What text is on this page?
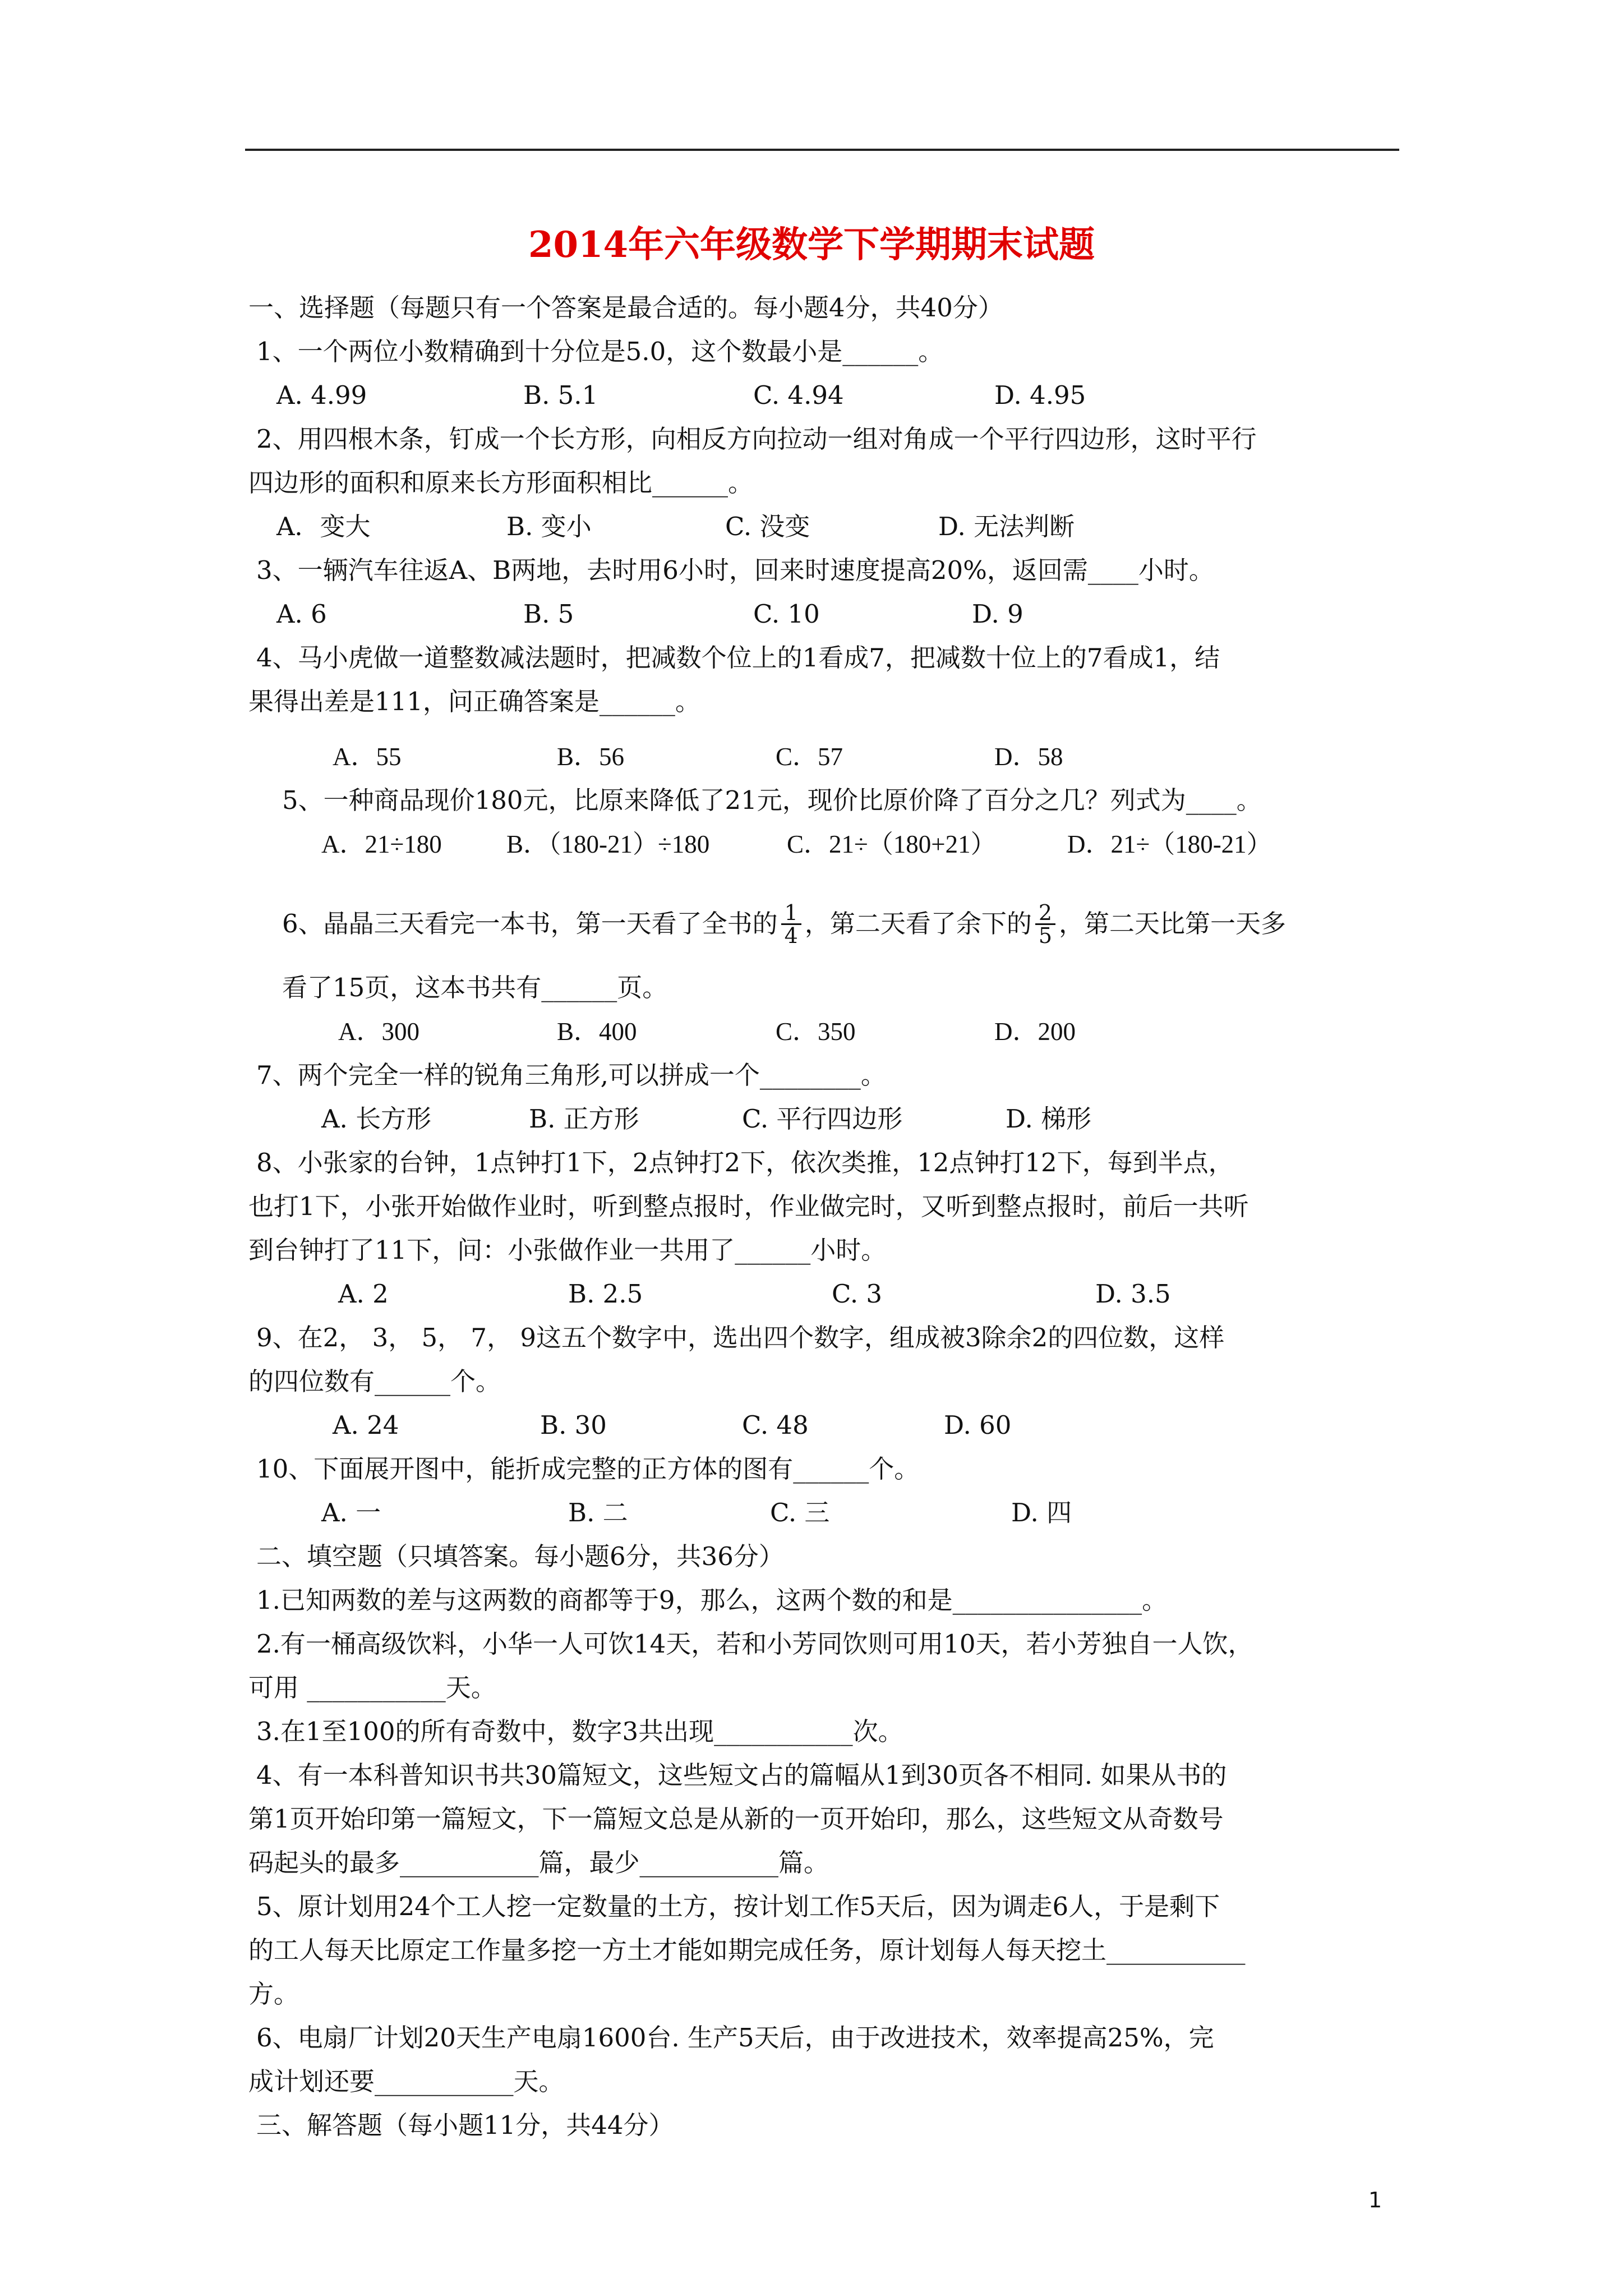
2014年六年级数学下学期期末试题
一、选择题（每题只有一个答案是最合适的。每小题4分，共40分）
1、一个两位小数精确到十分位是5.0，这个数最小是______。
A. 4.99	B. 5.1	C. 4.94	D. 4.95
2、用四根木条，钉成一个长方形，向相反方向拉动一组对角成一个平行四边形，这时平行
四边形的面积和原来长方形面积相比______。
A．变大	B. 变小	C. 没变	D. 无法判断
3、一辆汽车往返A、B两地，去时用6小时，回来时速度提高20%，返回需____小时。
A. 6	B. 5	C. 10	D. 9
4、马小虎做一道整数减法题时，把减数个位上的1看成7，把减数十位上的7看成1，结
果得出差是111，问正确答案是______。
A．55	B．56	C．57	D．58
5、一种商品现价180元，比原来降低了21元，现价比原价降了百分之几？列式为____。
A．21÷180	B．（180-21）÷180	C．21÷（180+21）	D．21÷（180-21）
6、晶晶三天看完一本书，第一天看了全书的 $\frac{1}{4}$ ，第二天看了余下的 $\frac{2}{5}$ ，第二天比第一天多
看了15页，这本书共有______页。
A．300	B．400	C．350	D．200
7、两个完全一样的锐角三角形,可以拼成一个________。
A. 长方形	B. 正方形	C. 平行四边形	D. 梯形
8、小张家的台钟，1点钟打1下，2点钟打2下，依次类推，12点钟打12下，每到半点，
也打1下，小张开始做作业时，听到整点报时，作业做完时，又听到整点报时，前后一共听
到台钟打了11下，问：小张做作业一共用了______小时。
A. 2	B. 2.5	C. 3	D. 3.5
9、在2， 3， 5， 7， 9这五个数字中，选出四个数字，组成被3除余2的四位数，这样
的四位数有______个。
A. 24	B. 30	C. 48	D. 60
10、下面展开图中，能折成完整的正方体的图有______个。
A. 一	B. 二	C. 三	D. 四
二、填空题（只填答案。每小题6分，共36分）
1.已知两数的差与这两数的商都等于9，那么，这两个数的和是_______________。
2.有一桶高级饮料，小华一人可饮14天，若和小芳同饮则可用10天，若小芳独自一人饮，
可用 ___________天。
3.在1至100的所有奇数中，数字3共出现___________次。
4、有一本科普知识书共30篇短文，这些短文占的篇幅从1到30页各不相同. 如果从书的
第1页开始印第一篇短文，下一篇短文总是从新的一页开始印，那么，这些短文从奇数号
码起头的最多___________篇，最少___________篇。
5、原计划用24个工人挖一定数量的土方，按计划工作5天后，因为调走6人，于是剩下
的工人每天比原定工作量多挖一方土才能如期完成任务，原计划每人每天挖土___________
方。
6、电扇厂计划20天生产电扇1600台. 生产5天后，由于改进技术，效率提高25%，完
成计划还要___________天。
三、解答题（每小题11分，共44分）
1
